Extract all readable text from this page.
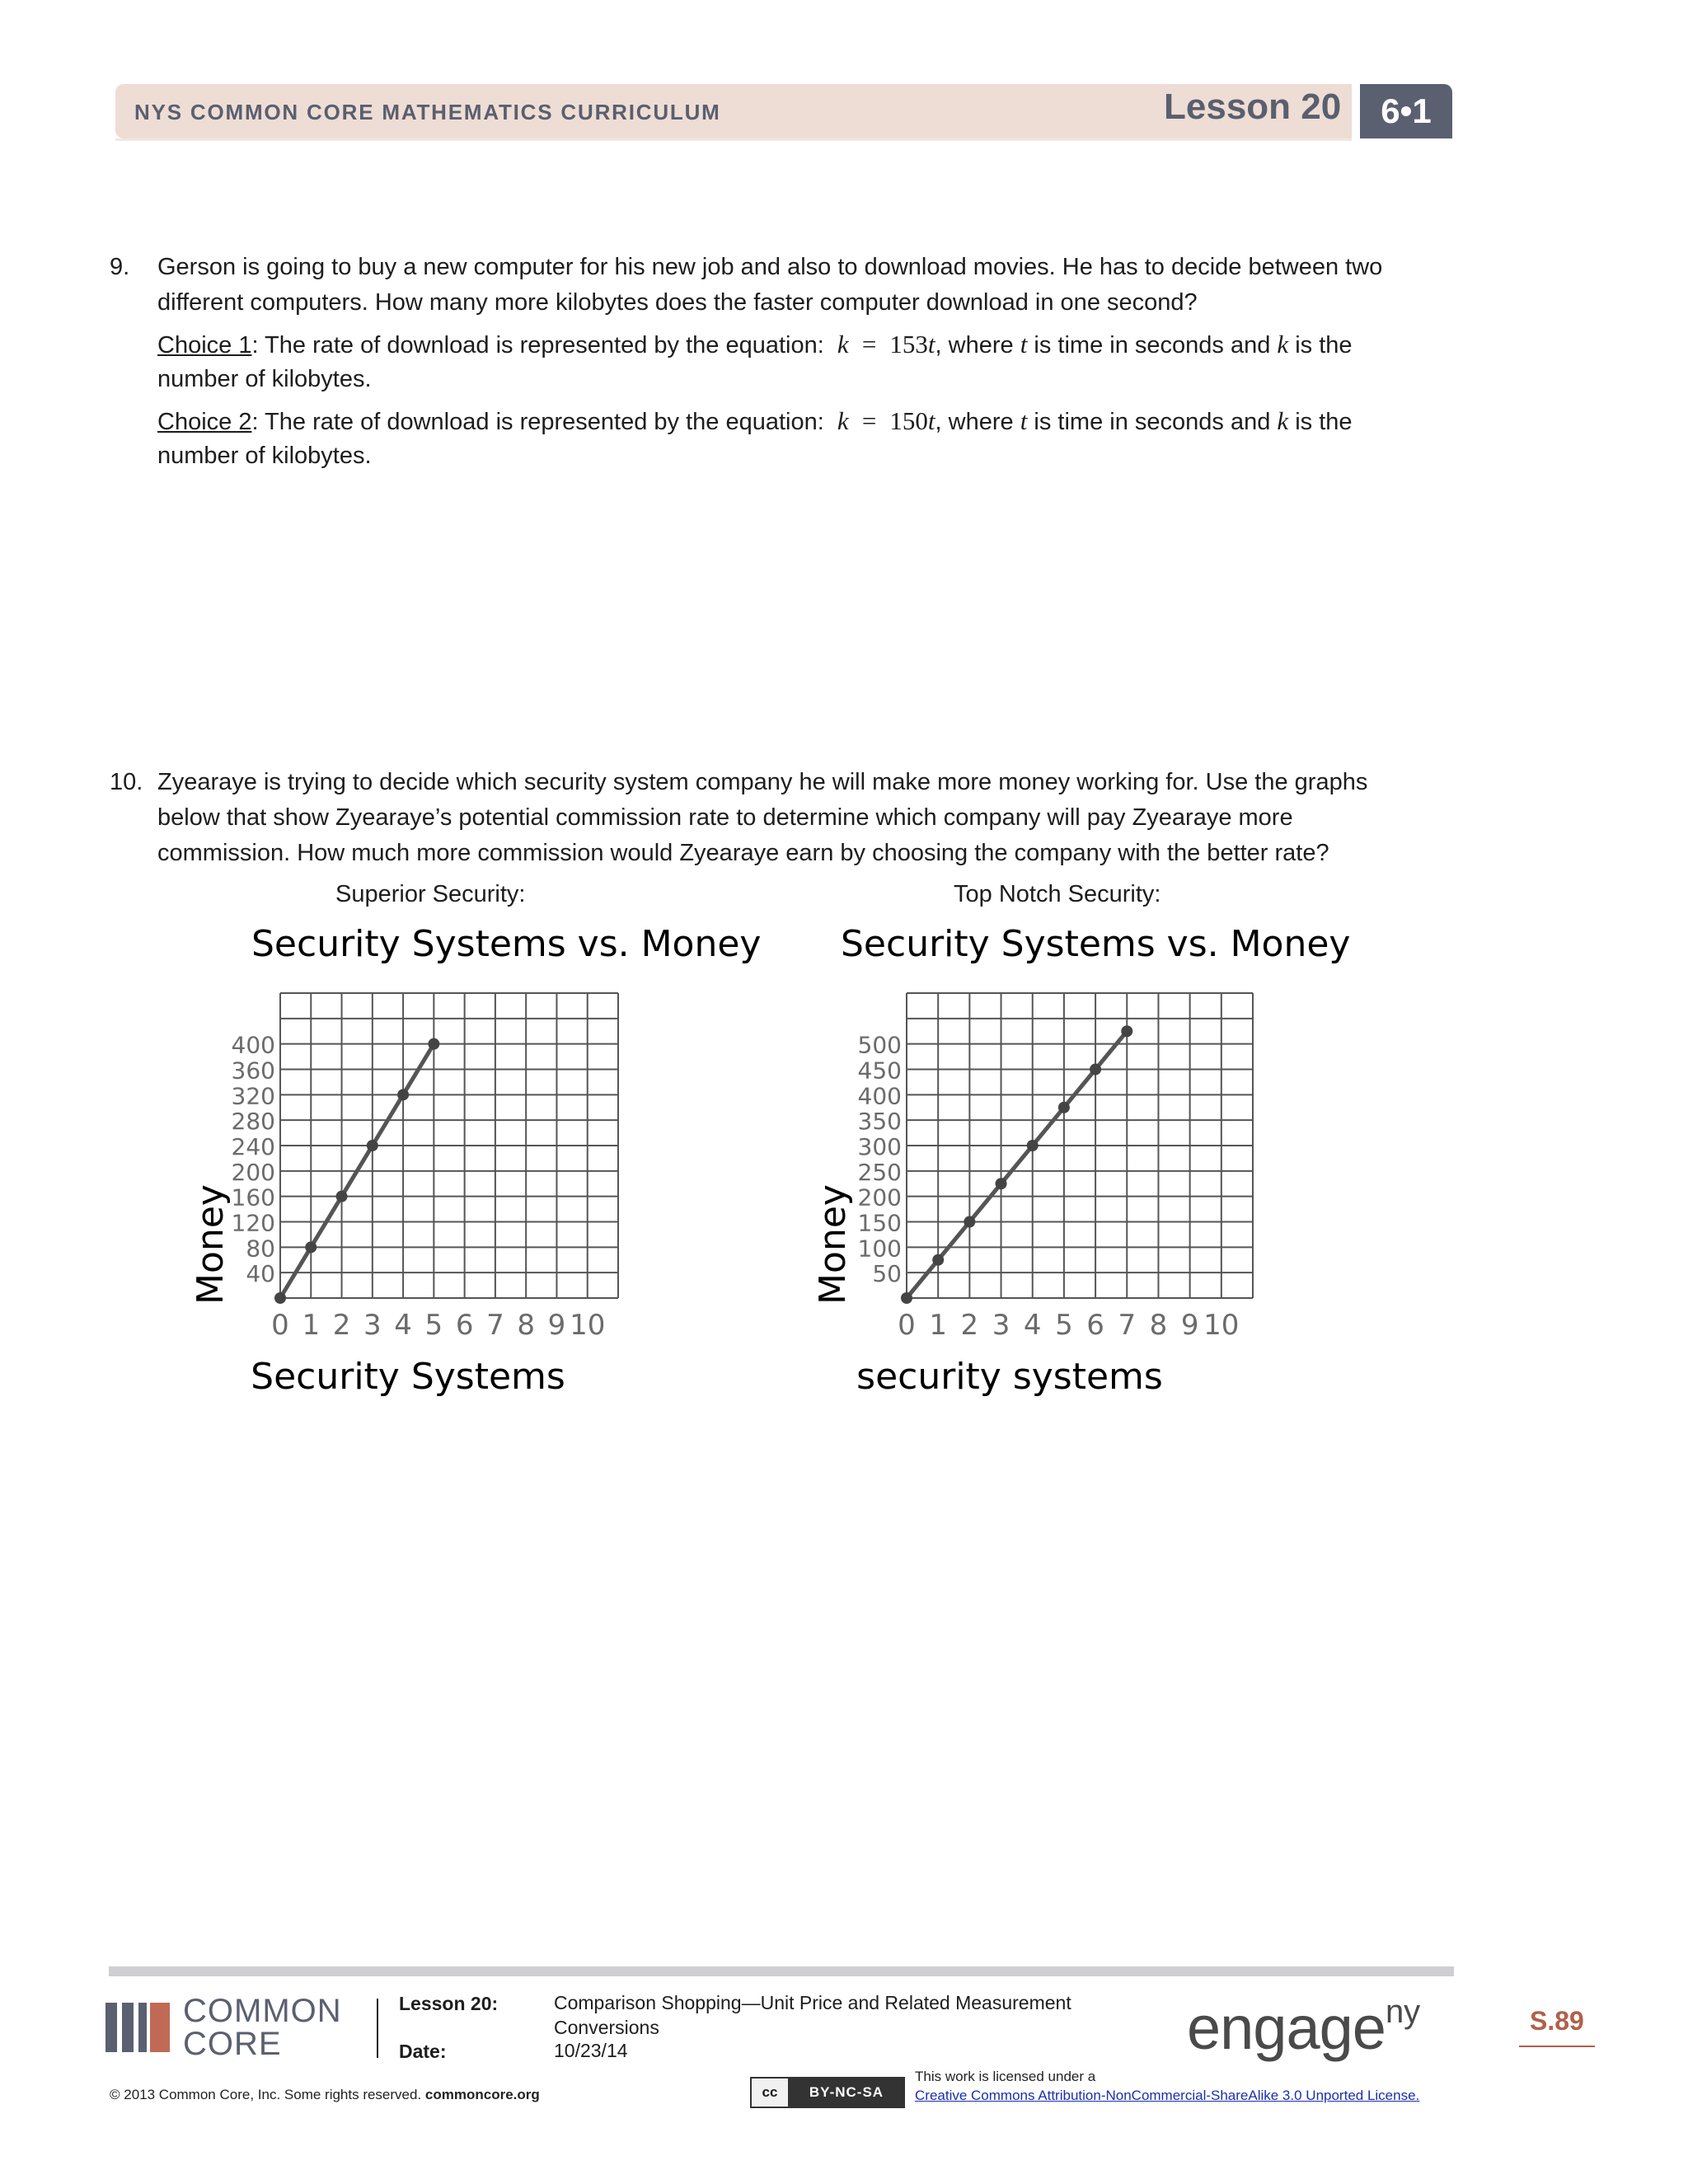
NYS COMMON CORE MATHEMATICS CURRICULUM	Lesson 20	6•1
9. Gerson is going to buy a new computer for his new job and also to download movies. He has to decide between two
different computers. How many more kilobytes does the faster computer download in one second?
Choice 1: The rate of download is represented by the equation: k = 153t, where t is time in seconds and k is the
number of kilobytes.
Choice 2: The rate of download is represented by the equation: k = 150t, where t is time in seconds and k is the
number of kilobytes.
10. Zyearaye is trying to decide which security system company he will make more money working for. Use the graphs
below that show Zyearaye’s potential commission rate to determine which company will pay Zyearaye more
commission. How much more commission would Zyearaye earn by choosing the company with the better rate?
Superior Security:	Top Notch Security:
Security Systems vs. Money
0 1 2 3 4 5 6 7 8 9 10
40
80
120
160
200
240
280
320
360
400
Money
Security Systems
Security Systems vs. Money
0 1 2 3 4 5 6 7 8 9 10
50
100
150
200
250
300
350
400
450
500
Money
security systems
COMMON
CORE
Lesson 20:	Comparison Shopping—Unit Price and Related Measurement
Conversions
Date:	10/23/14	engage$^{ny}$	S.89
© 2013 Common Core, Inc. Some rights reserved. commoncore.org	cc	BY-NC-SA
This work is licensed under a
Creative Commons Attribution-NonCommercial-ShareAlike 3.0 Unported License.
